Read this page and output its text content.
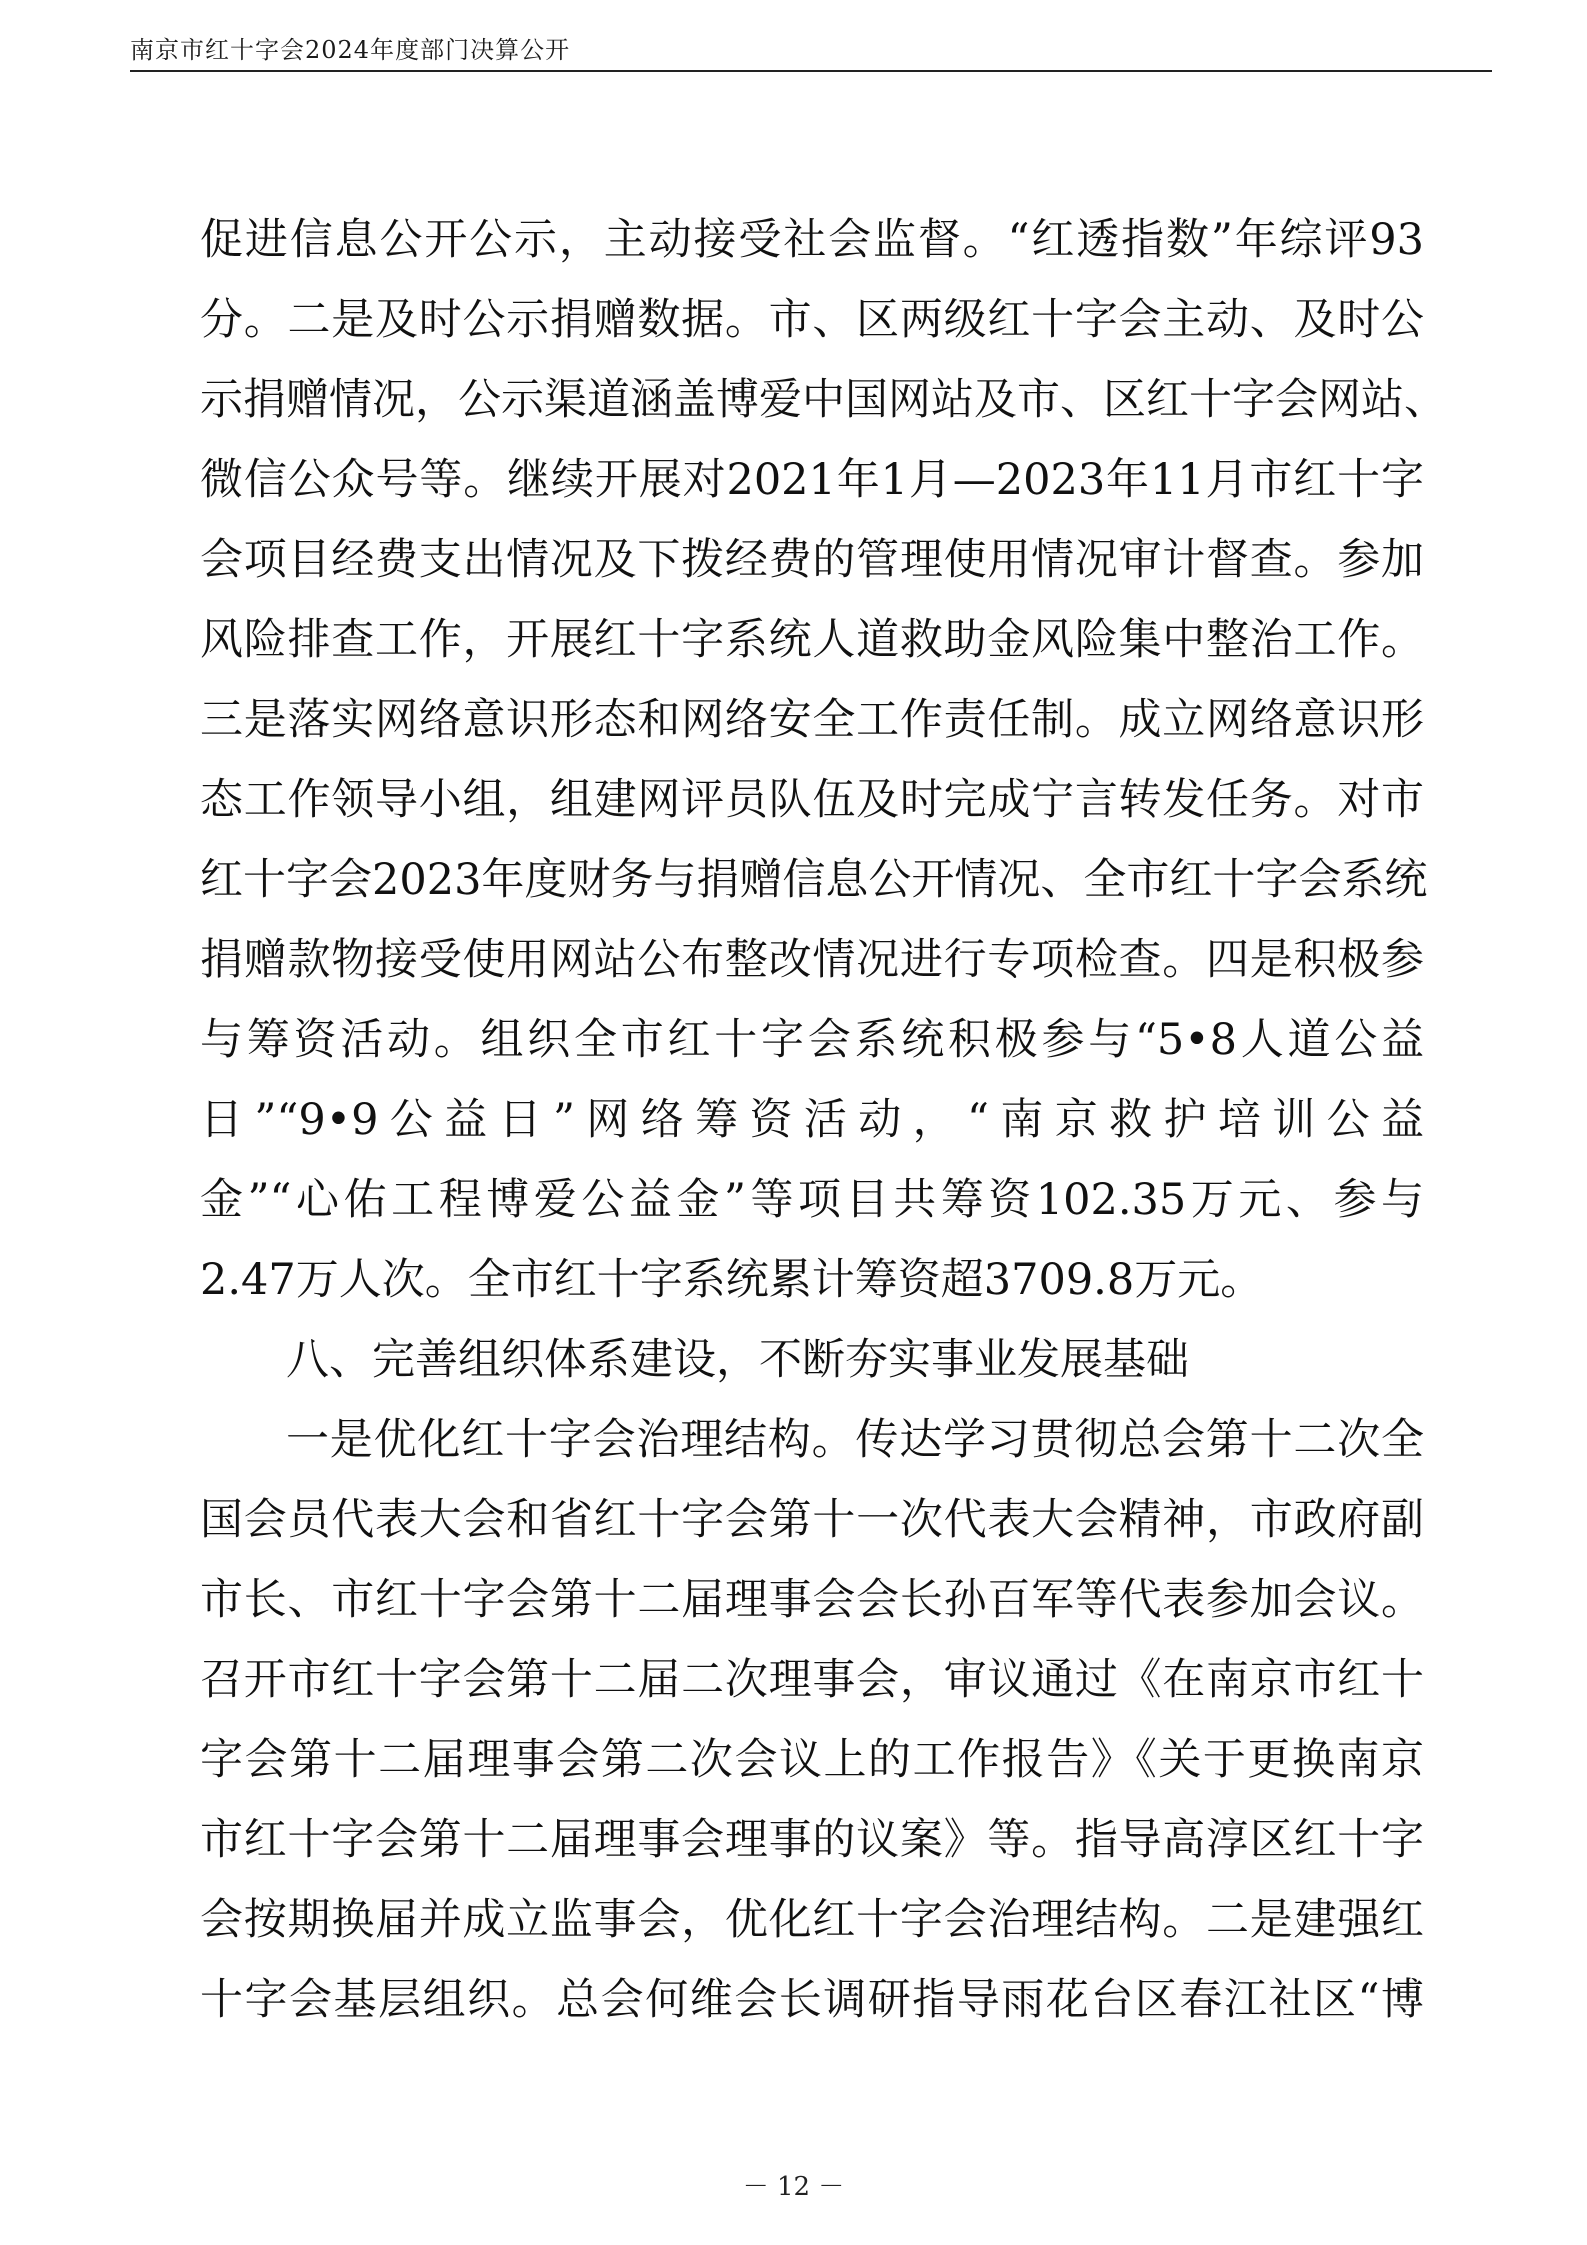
南京市红十字会2024年度部门决算公开
促进信息公开公示，主动接受社会监督。“红透指数”年综评93
分。二是及时公示捐赠数据。市、区两级红十字会主动、及时公
示捐赠情况，公示渠道涵盖博爱中国网站及市、区红十字会网站、
微信公众号等。继续开展对2021年1月—2023年11月市红十字
会项目经费支出情况及下拨经费的管理使用情况审计督查。参加
风险排查工作，开展红十字系统人道救助金风险集中整治工作。
三是落实网络意识形态和网络安全工作责任制。成立网络意识形
态工作领导小组，组建网评员队伍及时完成宁言转发任务。对市
红十字会2023年度财务与捐赠信息公开情况、全市红十字会系统
捐赠款物接受使用网站公布整改情况进行专项检查。四是积极参
与筹资活动。组织全市红十字会系统积极参与“5•8人道公益
日”“9•9公益日”网络筹资活动，“南京救护培训公益
金”“心佑工程博爱公益金”等项目共筹资102.35万元、参与
2.47万人次。全市红十字系统累计筹资超3709.8万元。
八、完善组织体系建设，不断夯实事业发展基础
一是优化红十字会治理结构。传达学习贯彻总会第十二次全
国会员代表大会和省红十字会第十一次代表大会精神，市政府副
市长、市红十字会第十二届理事会会长孙百军等代表参加会议。
召开市红十字会第十二届二次理事会，审议通过《在南京市红十
字会第十二届理事会第二次会议上的工作报告》《关于更换南京
市红十字会第十二届理事会理事的议案》等。指导高淳区红十字
会按期换届并成立监事会，优化红十字会治理结构。二是建强红
十字会基层组织。总会何维会长调研指导雨花台区春江社区“博
－ 12 －
